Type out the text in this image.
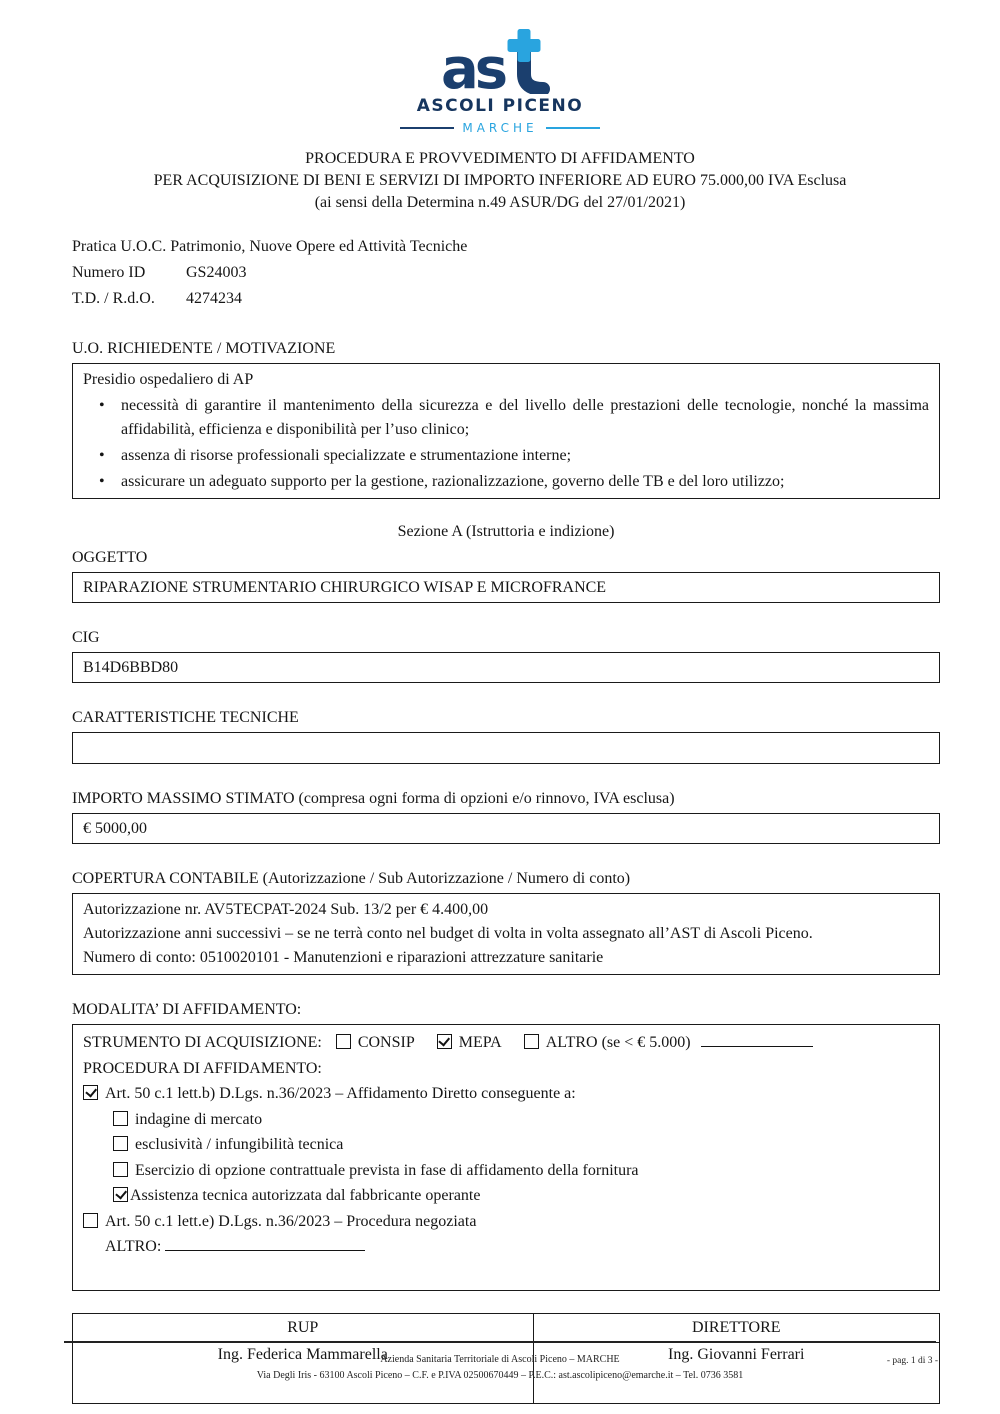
as
ASCOLI PICENO
MARCHE
PROCEDURA E PROVVEDIMENTO DI AFFIDAMENTO
PER ACQUISIZIONE DI BENI E SERVIZI DI IMPORTO INFERIORE AD EURO 75.000,00 IVA Esclusa
(ai sensi della Determina n.49 ASUR/DG del 27/01/2021)
Pratica U.O.C. Patrimonio, Nuove Opere ed Attività Tecniche
Numero ID	GS24003
T.D. / R.d.O. 4274234
U.O. RICHIEDENTE / MOTIVAZIONE
Presidio ospedaliero di AP
• necessità di garantire il mantenimento della sicurezza e del livello delle prestazioni delle tecnologie, nonché la massima affidabilità, efficienza e disponibilità per l’uso clinico;
• assenza di risorse professionali specializzate e strumentazione interne;
• assicurare un adeguato supporto per la gestione, razionalizzazione, governo delle TB e del loro utilizzo;
Sezione A (Istruttoria e indizione)
OGGETTO
RIPARAZIONE STRUMENTARIO CHIRURGICO WISAP E MICROFRANCE
CIG
B14D6BBD80
CARATTERISTICHE TECNICHE
IMPORTO MASSIMO STIMATO (compresa ogni forma di opzioni e/o rinnovo, IVA esclusa)
€ 5000,00
COPERTURA CONTABILE (Autorizzazione / Sub Autorizzazione / Numero di conto)
Autorizzazione nr. AV5TECPAT-2024 Sub. 13/2 per € 4.400,00
Autorizzazione anni successivi – se ne terrà conto nel budget di volta in volta assegnato all’AST di Ascoli Piceno.
Numero di conto: 0510020101 - Manutenzioni e riparazioni attrezzature sanitarie
MODALITA’ DI AFFIDAMENTO:
STRUMENTO DI ACQUISIZIONE: CONSIP	MEPA	ALTRO (se < € 5.000)
PROCEDURA DI AFFIDAMENTO:
Art. 50 c.1 lett.b) D.Lgs. n.36/2023 – Affidamento Diretto conseguente a:
indagine di mercato
esclusività / infungibilità tecnica
Esercizio di opzione contrattuale prevista in fase di affidamento della fornitura
Assistenza tecnica autorizzata dal fabbricante operante
Art. 50 c.1 lett.e) D.Lgs. n.36/2023 – Procedura negoziata
ALTRO:
RUP	DIRETTORE
Ing. Federica Mammarella	Ing. Giovanni Ferrari
Azienda Sanitaria Territoriale di Ascoli Piceno – MARCHE
Via Degli Iris - 63100 Ascoli Piceno – C.F. e P.IVA 02500670449 – P.E.C.: ast.ascolipiceno@emarche.it – Tel. 0736 3581
- pag. 1 di 3 -
